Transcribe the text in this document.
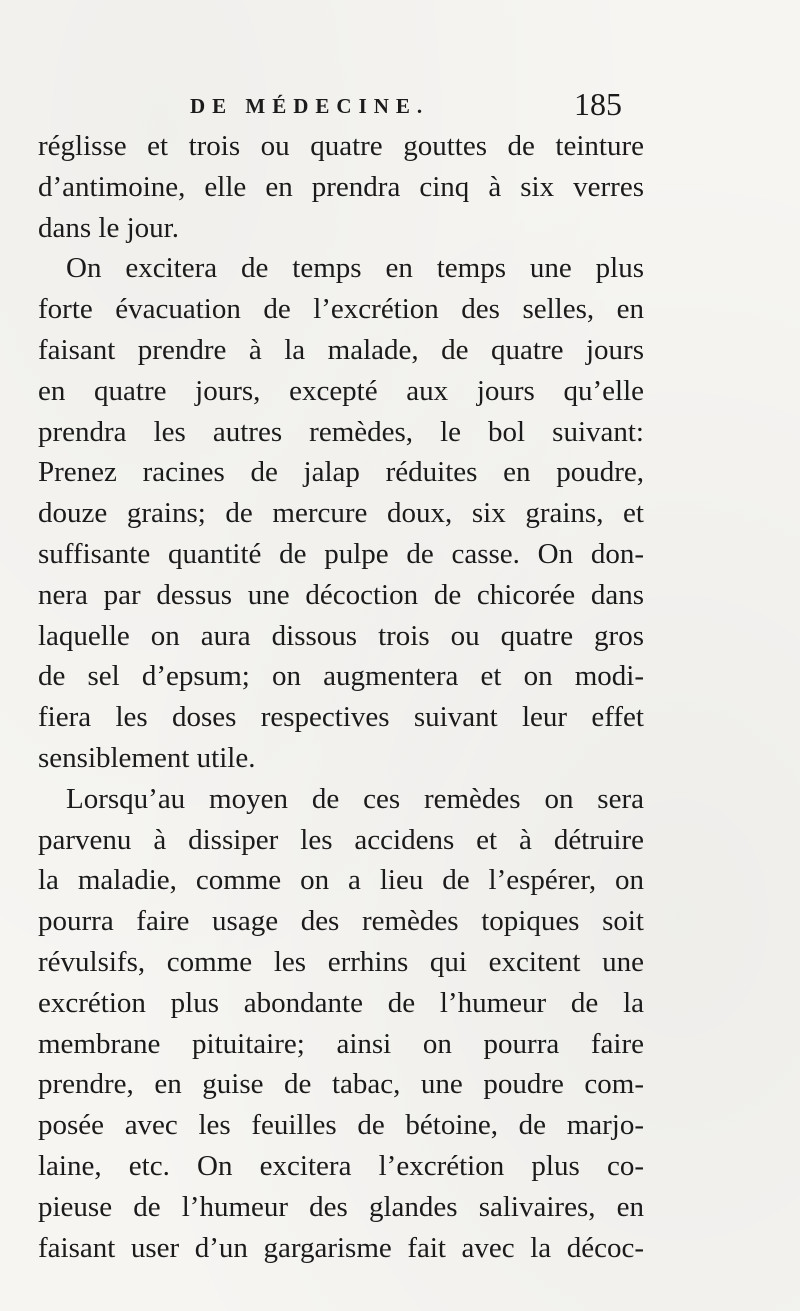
DE MÉDECINE.	185
réglisse et trois ou quatre gouttes de teinture
d’antimoine, elle en prendra cinq à six verres
dans le jour.
On excitera de temps en temps une plus
forte évacuation de l’excrétion des selles, en
faisant prendre à la malade, de quatre jours
en quatre jours, excepté aux jours qu’elle
prendra les autres remèdes, le bol suivant:
Prenez racines de jalap réduites en poudre,
douze grains; de mercure doux, six grains, et
suffisante quantité de pulpe de casse. On don-
nera par dessus une décoction de chicorée dans
laquelle on aura dissous trois ou quatre gros
de sel d’epsum; on augmentera et on modi-
fiera les doses respectives suivant leur effet
sensiblement utile.
Lorsqu’au moyen de ces remèdes on sera
parvenu à dissiper les accidens et à détruire
la maladie, comme on a lieu de l’espérer, on
pourra faire usage des remèdes topiques soit
révulsifs, comme les errhins qui excitent une
excrétion plus abondante de l’humeur de la
membrane pituitaire; ainsi on pourra faire
prendre, en guise de tabac, une poudre com-
posée avec les feuilles de bétoine, de marjo-
laine, etc. On excitera l’excrétion plus co-
pieuse de l’humeur des glandes salivaires, en
faisant user d’un gargarisme fait avec la décoc-
